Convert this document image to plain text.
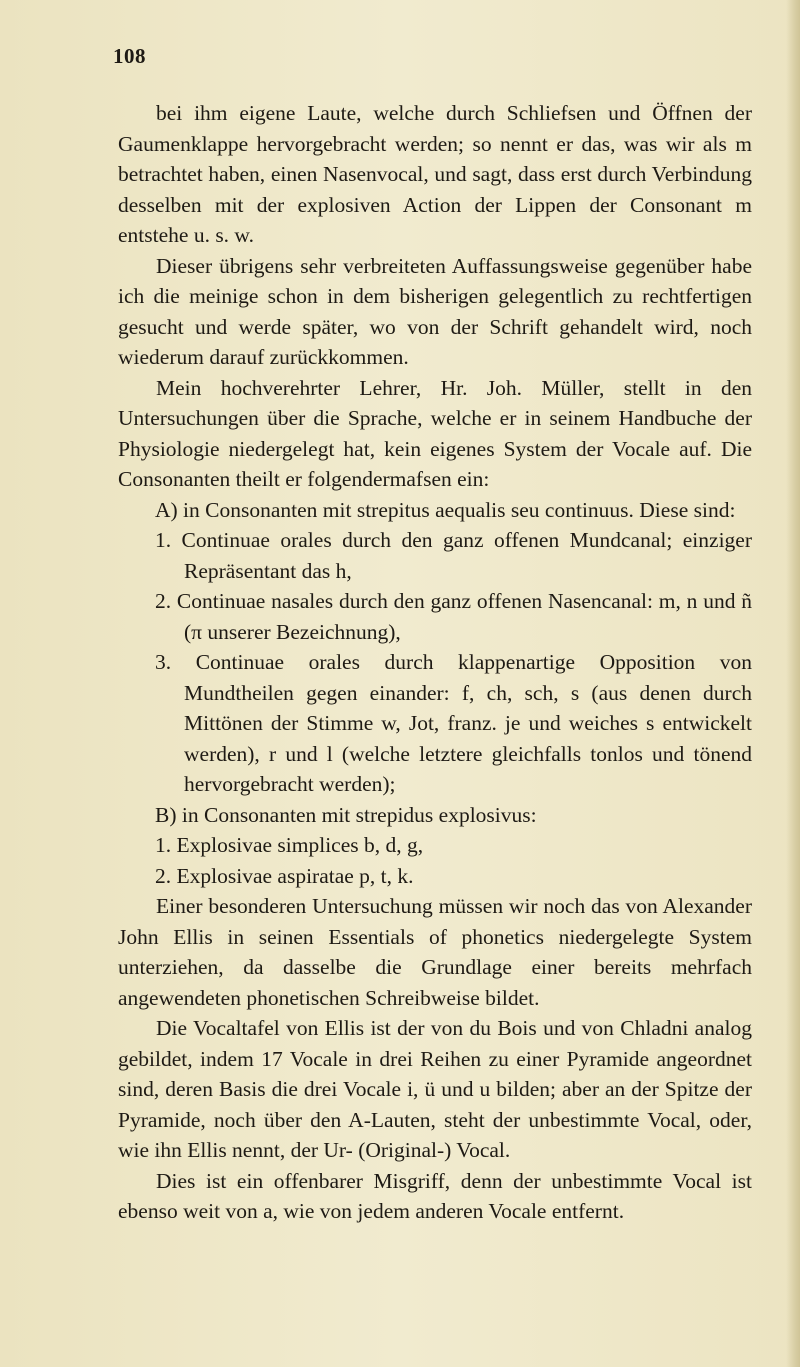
108

bei ihm eigene Laute, welche durch Schliefsen und Öffnen der Gaumenklappe hervorgebracht werden; so nennt er das, was wir als m betrachtet haben, einen Nasenvocal, und sagt, dass erst durch Verbindung desselben mit der explosiven Action der Lippen der Consonant m entstehe u. s. w.

Dieser übrigens sehr verbreiteten Auffassungsweise gegenüber habe ich die meinige schon in dem bisherigen gelegentlich zu rechtfertigen gesucht und werde später, wo von der Schrift gehandelt wird, noch wiederum darauf zurückkommen.

Mein hochverehrter Lehrer, Hr. Joh. Müller, stellt in den Untersuchungen über die Sprache, welche er in seinem Handbuche der Physiologie niedergelegt hat, kein eigenes System der Vocale auf. Die Consonanten theilt er folgendermafsen ein:

A) in Consonanten mit strepitus aequalis seu continuus. Diese sind:

1. Continuae orales durch den ganz offenen Mundcanal; einziger Repräsentant das h,

2. Continuae nasales durch den ganz offenen Nasencanal: m, n und ñ (π unserer Bezeichnung),

3. Continuae orales durch klappenartige Opposition von Mundtheilen gegen einander: f, ch, sch, s (aus denen durch Mittönen der Stimme w, Jot, franz. je und weiches s entwickelt werden), r und l (welche letztere gleichfalls tonlos und tönend hervorgebracht werden);

B) in Consonanten mit strepidus explosivus:

1. Explosivae simplices b, d, g,

2. Explosivae aspiratae p, t, k.

Einer besonderen Untersuchung müssen wir noch das von Alexander John Ellis in seinen Essentials of phonetics niedergelegte System unterziehen, da dasselbe die Grundlage einer bereits mehrfach angewendeten phonetischen Schreibweise bildet.

Die Vocaltafel von Ellis ist der von du Bois und von Chladni analog gebildet, indem 17 Vocale in drei Reihen zu einer Pyramide angeordnet sind, deren Basis die drei Vocale i, ü und u bilden; aber an der Spitze der Pyramide, noch über den A-Lauten, steht der unbestimmte Vocal, oder, wie ihn Ellis nennt, der Ur- (Original-) Vocal.

Dies ist ein offenbarer Misgriff, denn der unbestimmte Vocal ist ebenso weit von a, wie von jedem anderen Vocale entfernt.
